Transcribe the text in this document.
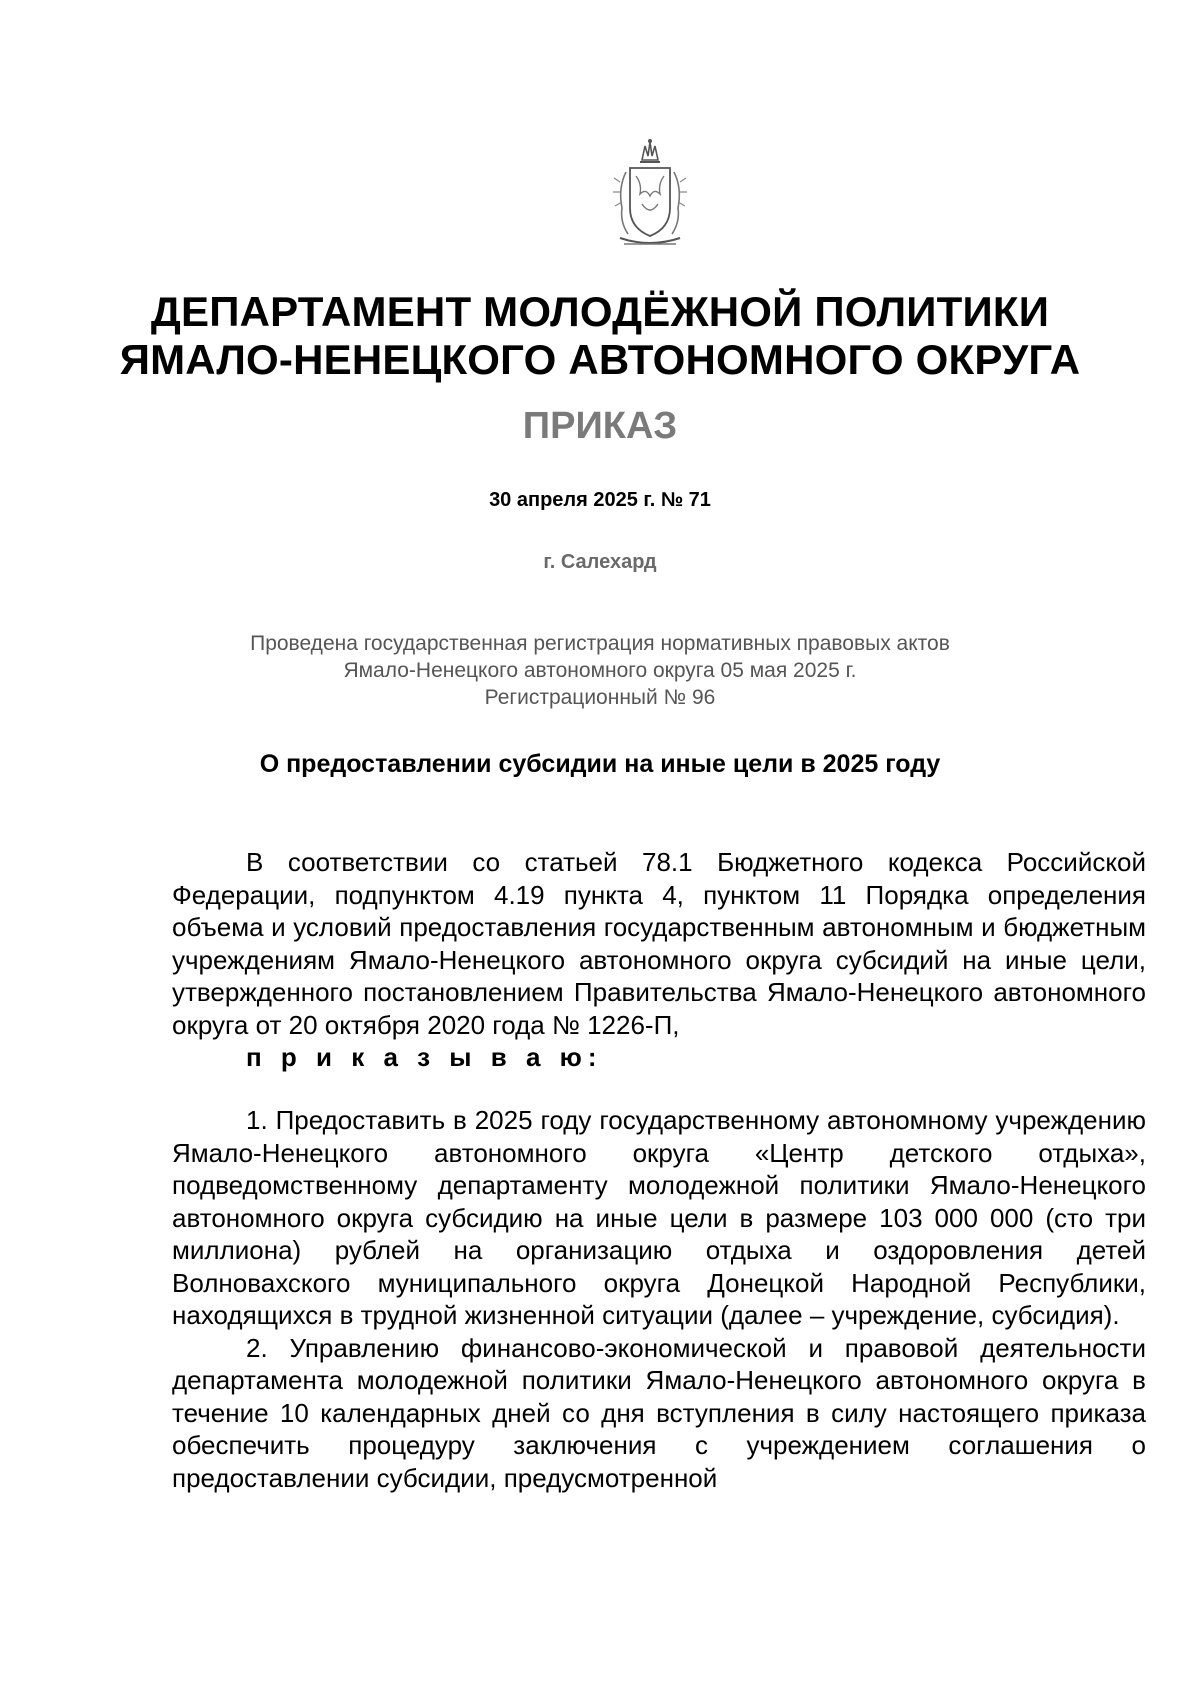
ДЕПАРТАМЕНТ МОЛОДЁЖНОЙ ПОЛИТИКИ
ЯМАЛО-НЕНЕЦКОГО АВТОНОМНОГО ОКРУГА
ПРИКАЗ
30 апреля 2025 г. № 71
г. Салехард
Проведена государственная регистрация нормативных правовых актов
Ямало-Ненецкого автономного округа 05 мая 2025 г.
Регистрационный № 96
О предоставлении субсидии на иные цели в 2025 году

В соответствии со статьей 78.1 Бюджетного кодекса Российской Федерации, подпунктом 4.19 пункта 4, пунктом 11 Порядка определения объема и условий предоставления государственным автономным и бюджетным учреждениям Ямало-Ненецкого автономного округа субсидий на иные цели, утвержденного постановлением Правительства Ямало-Ненецкого автономного округа от 20 октября 2020 года № 1226-П,

п р и к а з ы в а ю:

1. Предоставить в 2025 году государственному автономному учреждению Ямало-Ненецкого автономного округа «Центр детского отдыха», подведомственному департаменту молодежной политики Ямало-Ненецкого автономного округа субсидию на иные цели в размере 103 000 000 (сто три миллиона) рублей на организацию отдыха и оздоровления детей Волновахского муниципального округа Донецкой Народной Республики, находящихся в трудной жизненной ситуации (далее – учреждение, субсидия).

2. Управлению финансово-экономической и правовой деятельности департамента молодежной политики Ямало-Ненецкого автономного округа в течение 10 календарных дней со дня вступления в силу настоящего приказа обеспечить процедуру заключения с учреждением соглашения о предоставлении субсидии, предусмотренной
